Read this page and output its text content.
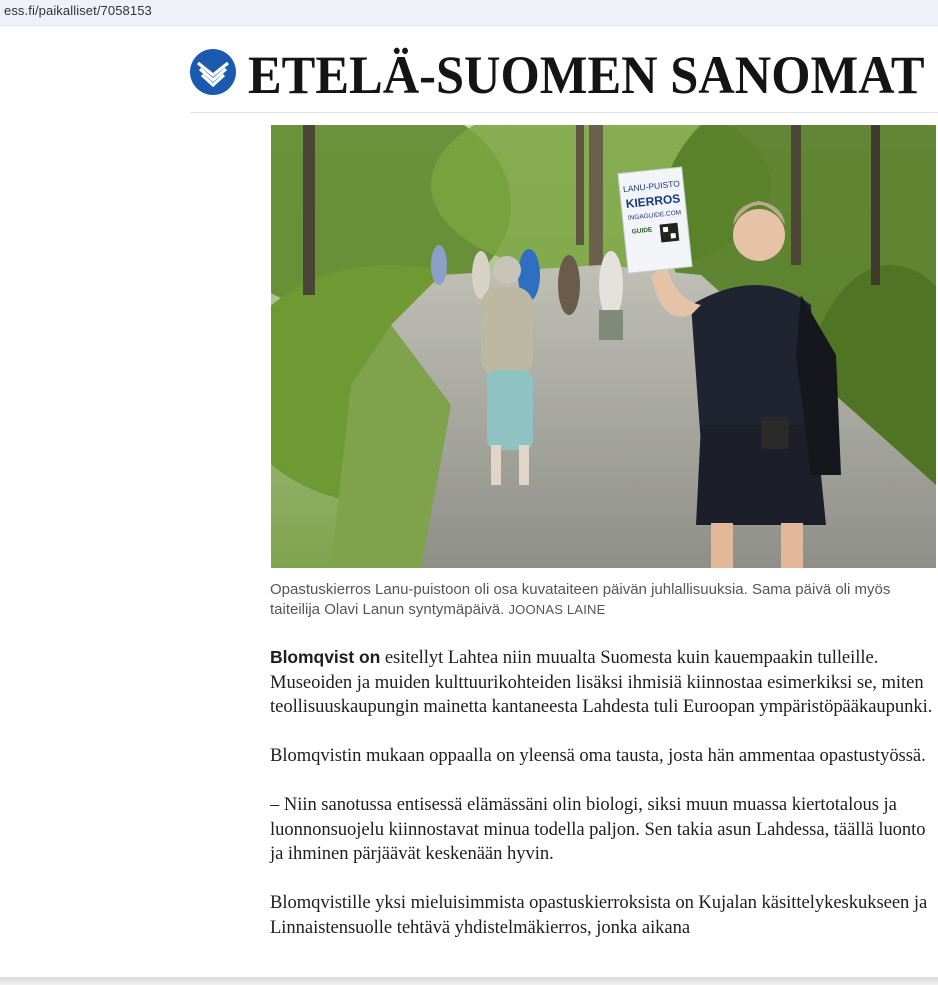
ess.fi/paikalliset/7058153
ETELÄ-SUOMEN SANOMAT
LANU-PUISTO
KIERROS
INGAGUIDE.COM
GUIDE
Opastuskierros Lanu-puistoon oli osa kuvataiteen päivän juhlallisuuksia. Sama päivä oli myös taiteilija Olavi Lanun syntymäpäivä. JOONAS LAINE

Blomqvist on esitellyt Lahtea niin muualta Suomesta kuin kauempaakin tulleille. Museoiden ja muiden kulttuurikohteiden lisäksi ihmisiä kiinnostaa esimerkiksi se, miten teollisuuskaupungin mainetta kantaneesta Lahdesta tuli Euroopan ympäristöpääkaupunki.

Blomqvistin mukaan oppaalla on yleensä oma tausta, josta hän ammentaa opastustyössä.

– Niin sanotussa entisessä elämässäni olin biologi, siksi muun muassa kiertotalous ja luonnonsuojelu kiinnostavat minua todella paljon. Sen takia asun Lahdessa, täällä luonto ja ihminen pärjäävät keskenään hyvin.

Blomqvistille yksi mieluisimmista opastuskierroksista on Kujalan käsittelykeskukseen ja Linnaistensuolle tehtävä yhdistelmäkierros, jonka aikana
